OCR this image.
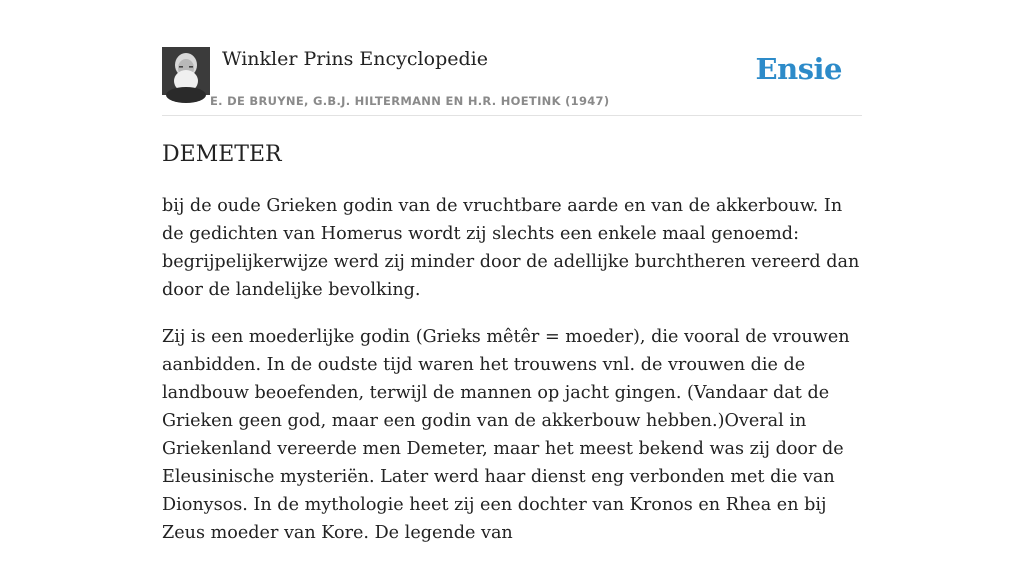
Winkler Prins Encyclopedie
E. DE BRUYNE, G.B.J. HILTERMANN EN H.R. HOETINK (1947)
Ensie
DEMETER

bij de oude Grieken godin van de vruchtbare aarde en van de akkerbouw. In de gedichten van Homerus wordt zij slechts een enkele maal genoemd: begrijpelijkerwijze werd zij minder door de adellijke burchtheren vereerd dan door de landelijke bevolking.

Zij is een moederlijke godin (Grieks mêtêr = moeder), die vooral de vrouwen aanbidden. In de oudste tijd waren het trouwens vnl. de vrouwen die de landbouw beoefenden, terwijl de mannen op jacht gingen. (Vandaar dat de Grieken geen god, maar een godin van de akkerbouw hebben.)Overal in Griekenland vereerde men Demeter, maar het meest bekend was zij door de Eleusinische mysteriën. Later werd haar dienst eng verbonden met die van Dionysos. In de mythologie heet zij een dochter van Kronos en Rhea en bij Zeus moeder van Kore. De legende van
